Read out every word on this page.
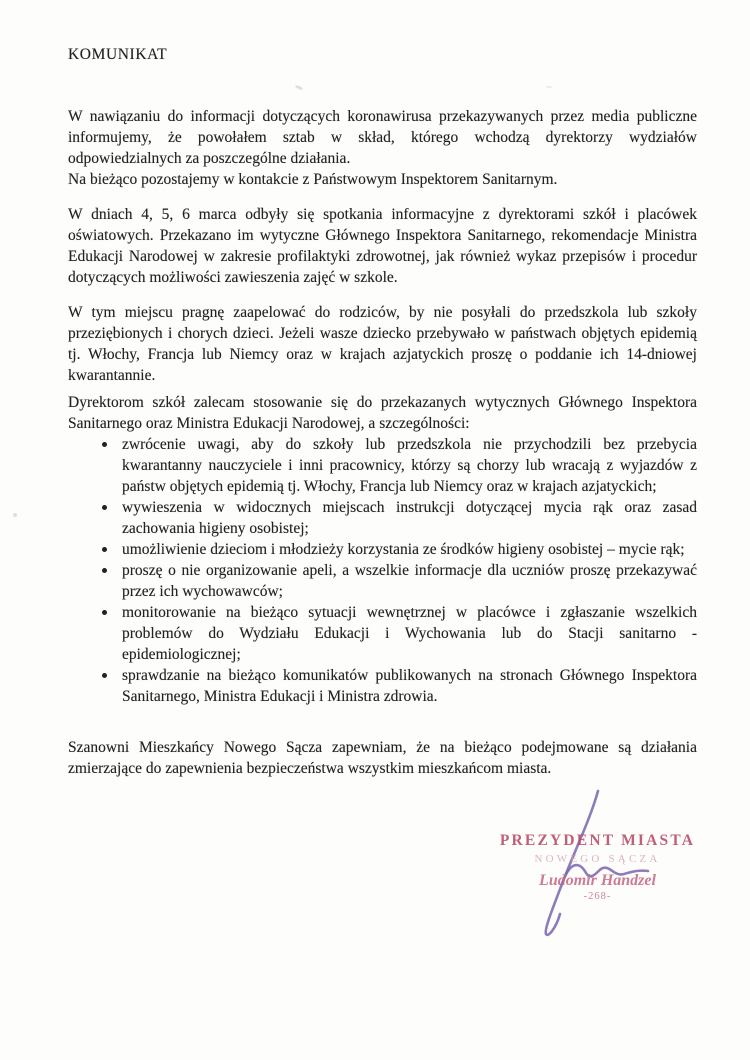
KOMUNIKAT

W nawiązaniu do informacji dotyczących koronawirusa przekazywanych przez media publiczne informujemy, że powołałem sztab w skład, którego wchodzą dyrektorzy wydziałów odpowiedzialnych za poszczególne działania.

Na bieżąco pozostajemy w kontakcie z Państwowym Inspektorem Sanitarnym.

W dniach 4, 5, 6 marca odbyły się spotkania informacyjne z dyrektorami szkół i placówek oświatowych. Przekazano im wytyczne Głównego Inspektora Sanitarnego, rekomendacje Ministra Edukacji Narodowej w zakresie profilaktyki zdrowotnej, jak również wykaz przepisów i procedur dotyczących możliwości zawieszenia zajęć w szkole.

W tym miejscu pragnę zaapelować do rodziców, by nie posyłali do przedszkola lub szkoły przeziębionych i chorych dzieci. Jeżeli wasze dziecko przebywało w państwach objętych epidemią tj. Włochy, Francja lub Niemcy oraz w krajach azjatyckich proszę o poddanie ich 14-dniowej kwarantannie.

Dyrektorom szkół zalecam stosowanie się do przekazanych wytycznych Głównego Inspektora Sanitarnego oraz Ministra Edukacji Narodowej, a szczególności:

zwrócenie uwagi, aby do szkoły lub przedszkola nie przychodzili bez przebycia kwarantanny nauczyciele i inni pracownicy, którzy są chorzy lub wracają z wyjazdów z państw objętych epidemią tj. Włochy, Francja lub Niemcy oraz w krajach azjatyckich;
wywieszenia w widocznych miejscach instrukcji dotyczącej mycia rąk oraz zasad zachowania higieny osobistej;
umożliwienie dzieciom i młodzieży korzystania ze środków higieny osobistej – mycie rąk;
proszę o nie organizowanie apeli, a wszelkie informacje dla uczniów proszę przekazywać przez ich wychowawców;
monitorowanie na bieżąco sytuacji wewnętrznej w placówce i zgłaszanie wszelkich problemów do Wydziału Edukacji i Wychowania lub do Stacji sanitarno - epidemiologicznej;
sprawdzanie na bieżąco komunikatów publikowanych na stronach Głównego Inspektora Sanitarnego, Ministra Edukacji i Ministra zdrowia.

Szanowni Mieszkańcy Nowego Sącza zapewniam, że na bieżąco podejmowane są działania zmierzające do zapewnienia bezpieczeństwa wszystkim mieszkańcom miasta.

PREZYDENT MIASTA
NOWEGO SĄCZA
Ludomir Handzel
-268-
